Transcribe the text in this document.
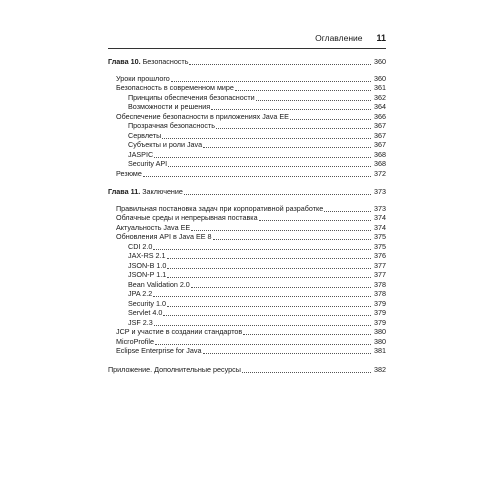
Оглавление 11
Глава 10. Безопасность	360
Уроки прошлого	360
Безопасность в современном мире	361
Принципы обеспечения безопасности	362
Возможности и решения	364
Обеспечение безопасности в приложениях Java EE	366
Прозрачная безопасность	367
Сервлеты	367
Субъекты и роли Java	367
JASPIC	368
Security API	368
Резюме	372
Глава 11. Заключение	373
Правильная постановка задач при корпоративной разработке	373
Облачные среды и непрерывная поставка	374
Актуальность Java EE	374
Обновления API в Java EE 8	375
CDI 2.0	375
JAX-RS 2.1	376
JSON-B 1.0	377
JSON-P 1.1	377
Bean Validation 2.0	378
JPA 2.2	378
Security 1.0	379
Servlet 4.0	379
JSF 2.3	379
JCP и участие в создании стандартов	380
MicroProfile	380
Eclipse Enterprise for Java	381
Приложение. Дополнительные ресурсы	382
